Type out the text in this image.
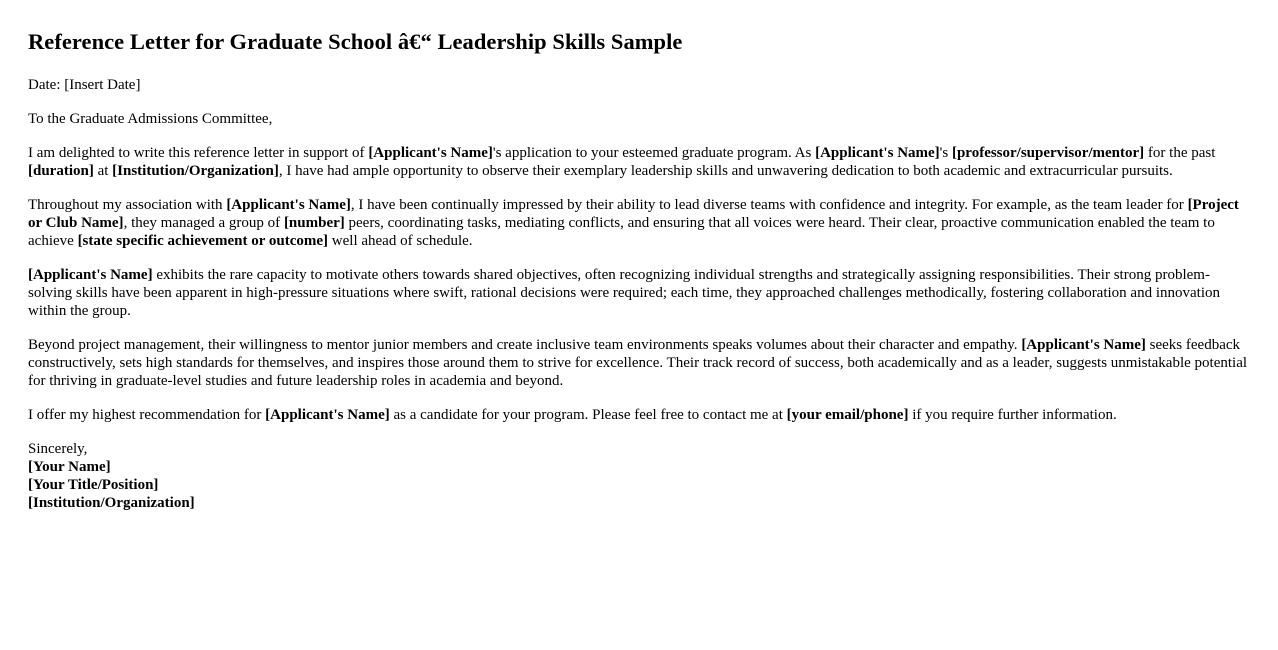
Reference Letter for Graduate School â€“ Leadership Skills Sample

Date: [Insert Date]

To the Graduate Admissions Committee,

I am delighted to write this reference letter in support of [Applicant's Name]'s application to your esteemed graduate program. As [Applicant's Name]'s [professor/supervisor/mentor] for the past [duration] at [Institution/Organization], I have had ample opportunity to observe their exemplary leadership skills and unwavering dedication to both academic and extracurricular pursuits.

Throughout my association with [Applicant's Name], I have been continually impressed by their ability to lead diverse teams with confidence and integrity. For example, as the team leader for [Project or Club Name], they managed a group of [number] peers, coordinating tasks, mediating conflicts, and ensuring that all voices were heard. Their clear, proactive communication enabled the team to achieve [state specific achievement or outcome] well ahead of schedule.

[Applicant's Name] exhibits the rare capacity to motivate others towards shared objectives, often recognizing individual strengths and strategically assigning responsibilities. Their strong problem-solving skills have been apparent in high-pressure situations where swift, rational decisions were required; each time, they approached challenges methodically, fostering collaboration and innovation within the group.

Beyond project management, their willingness to mentor junior members and create inclusive team environments speaks volumes about their character and empathy. [Applicant's Name] seeks feedback constructively, sets high standards for themselves, and inspires those around them to strive for excellence. Their track record of success, both academically and as a leader, suggests unmistakable potential for thriving in graduate-level studies and future leadership roles in academia and beyond.

I offer my highest recommendation for [Applicant's Name] as a candidate for your program. Please feel free to contact me at [your email/phone] if you require further information.

Sincerely,

[Your Name]
[Your Title/Position]
[Institution/Organization]
